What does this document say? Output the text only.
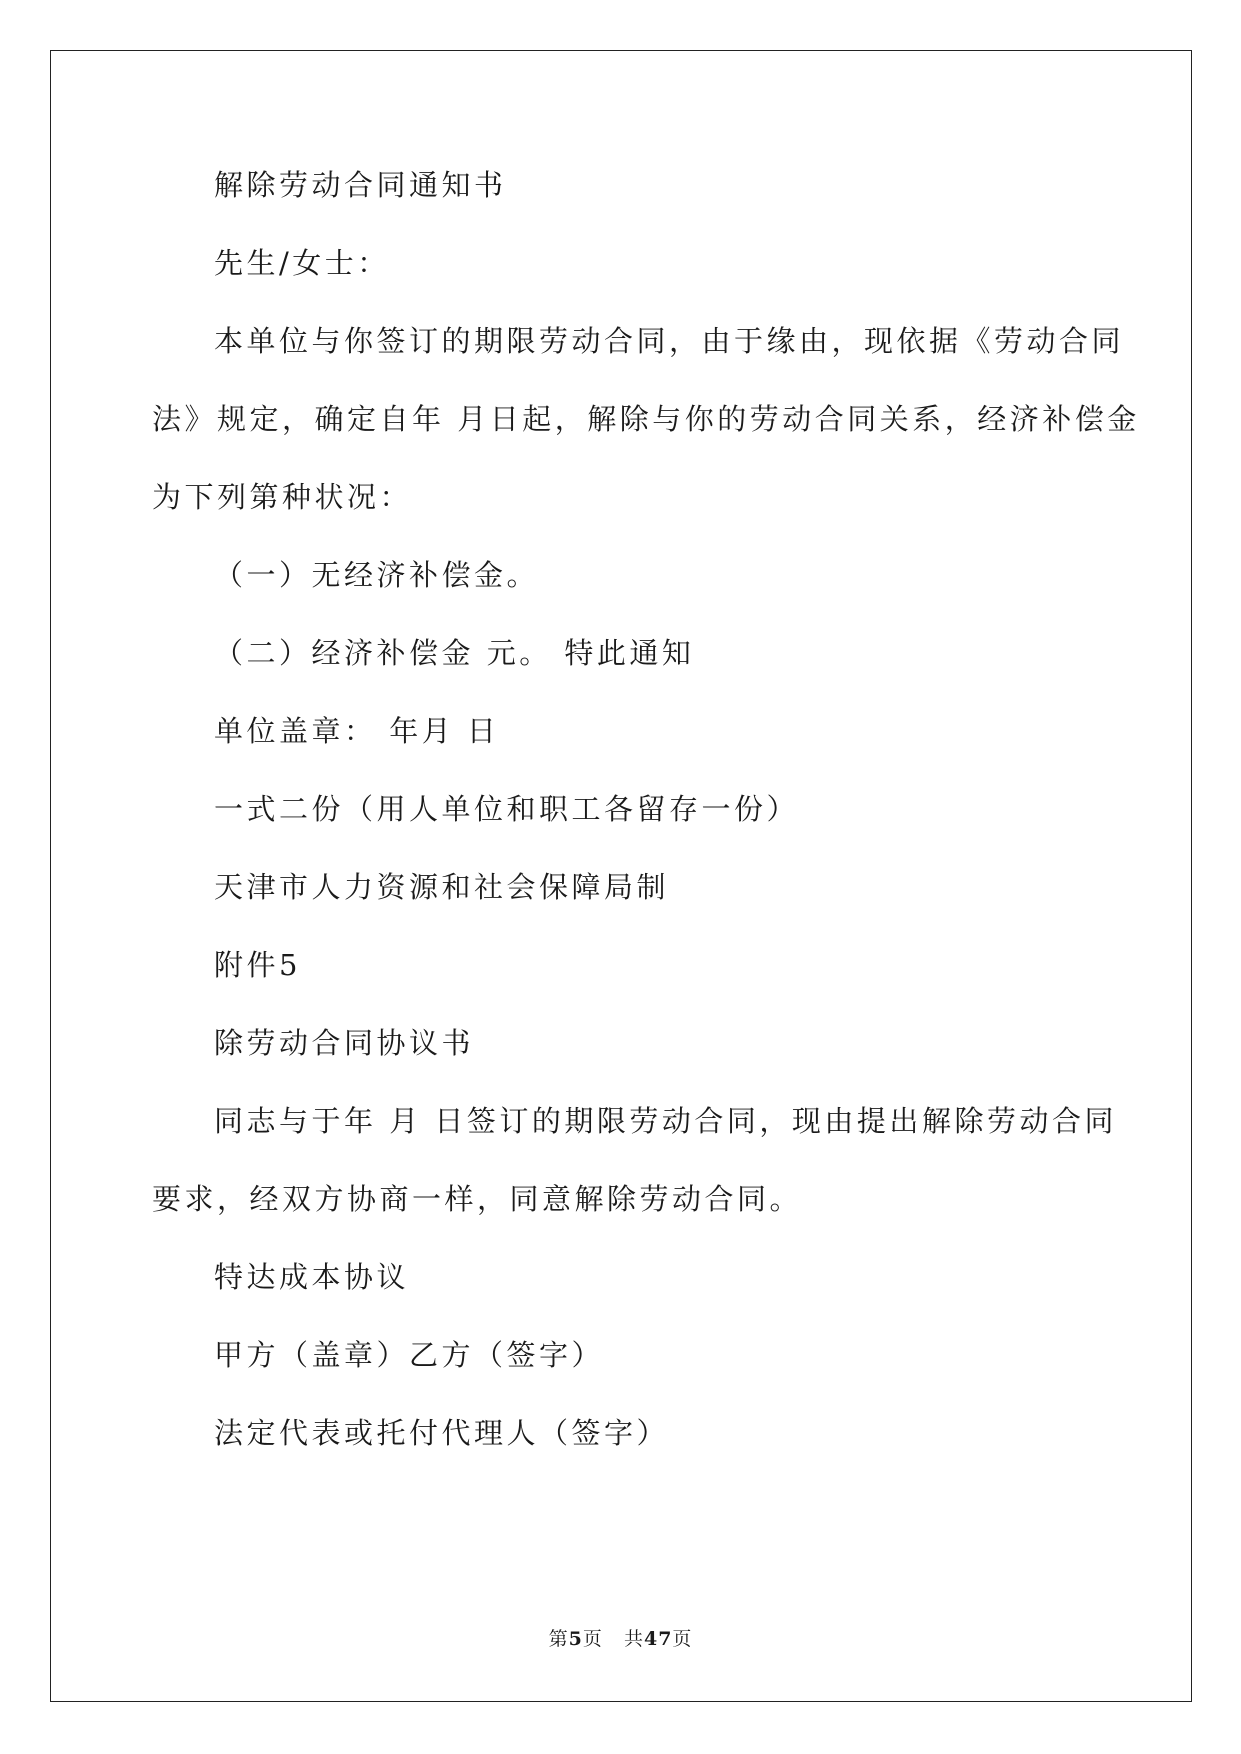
解除劳动合同通知书
先生/女士：
本单位与你签订的期限劳动合同，由于缘由，现依据《劳动合同
法》规定，确定自年 月日起，解除与你的劳动合同关系，经济补偿金
为下列第种状况：
（一）无经济补偿金。
（二）经济补偿金 元。 特此通知
单位盖章： 年月 日
一式二份（用人单位和职工各留存一份）
天津市人力资源和社会保障局制
附件5
除劳动合同协议书
同志与于年 月 日签订的期限劳动合同，现由提出解除劳动合同
要求，经双方协商一样，同意解除劳动合同。
特达成本协议
甲方（盖章）乙方（签字）
法定代表或托付代理人（签字）
第5页 共47页
